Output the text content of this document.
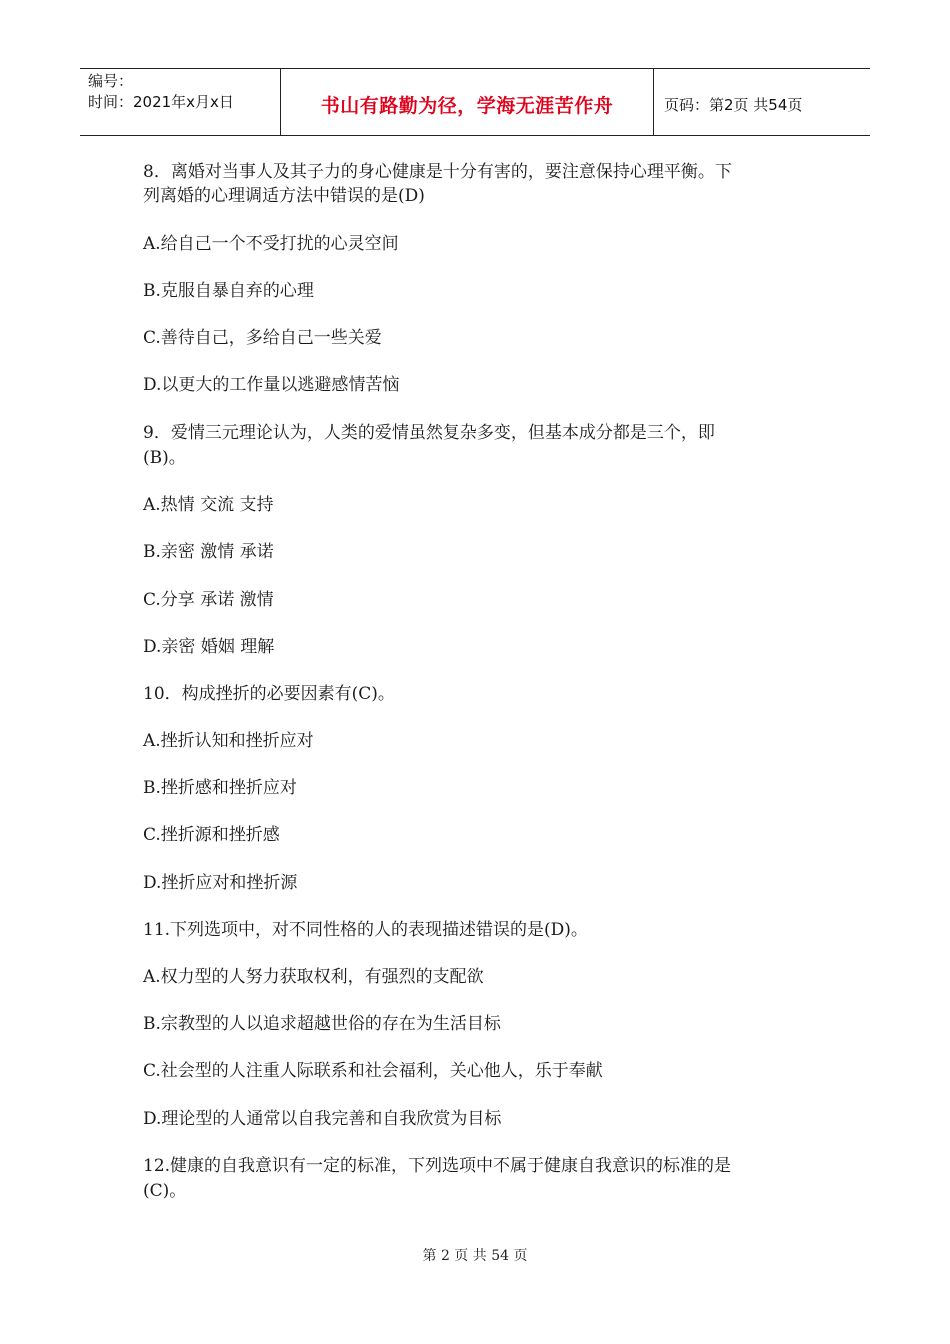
编号：
时间：2021年x月x日	书山有路勤为径，学海无涯苦作舟	页码：第2页 共54页
8．离婚对当事人及其子力的身心健康是十分有害的，要注意保持心理平衡。下
列离婚的心理调适方法中错误的是(D)
A.给自己一个不受打扰的心灵空间
B.克服自暴自弃的心理
C.善待自己，多给自己一些关爱
D.以更大的工作量以逃避感情苦恼
9．爱情三元理论认为，人类的爱情虽然复杂多变，但基本成分都是三个，即
(B)。
A.热情 交流 支持
B.亲密 激情 承诺
C.分享 承诺 激情
D.亲密 婚姻 理解
10．构成挫折的必要因素有(C)。
A.挫折认知和挫折应对
B.挫折感和挫折应对
C.挫折源和挫折感
D.挫折应对和挫折源
11.下列选项中，对不同性格的人的表现描述错误的是(D)。
A.权力型的人努力获取权利，有强烈的支配欲
B.宗教型的人以追求超越世俗的存在为生活目标
C.社会型的人注重人际联系和社会福利，关心他人，乐于奉献
D.理论型的人通常以自我完善和自我欣赏为目标
12.健康的自我意识有一定的标准，下列选项中不属于健康自我意识的标准的是
(C)。
第 2 页 共 54 页
